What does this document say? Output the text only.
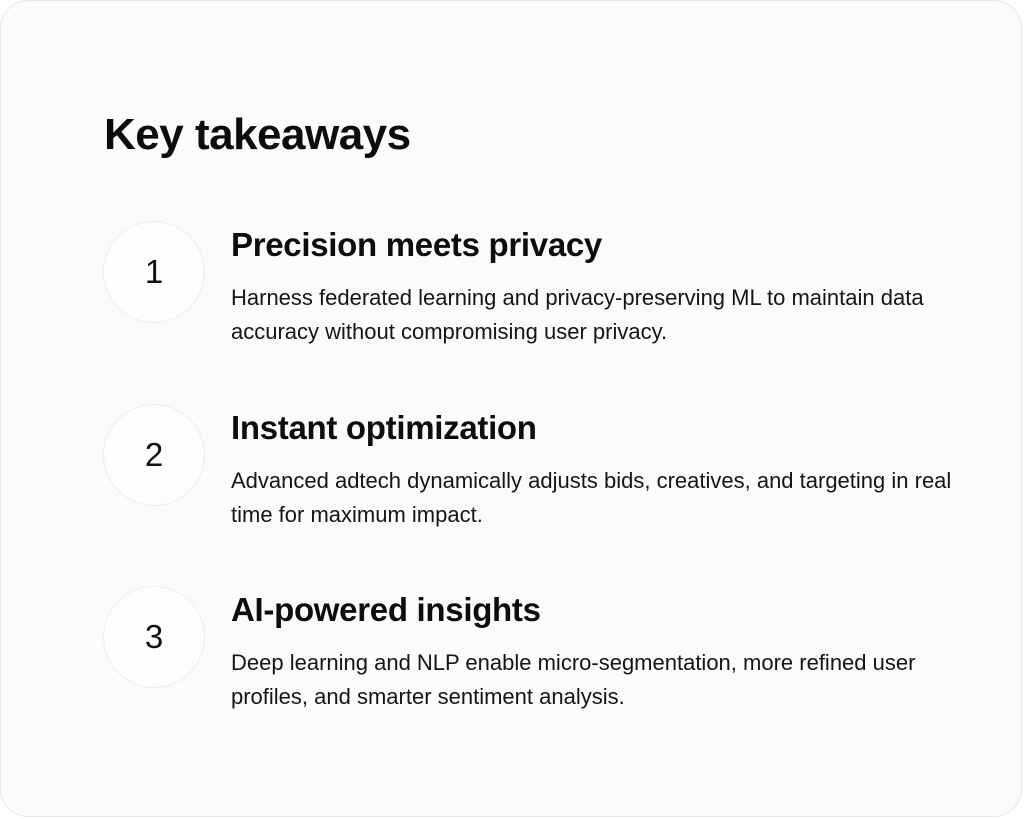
Key takeaways
1
Precision meets privacy

Harness federated learning and privacy-preserving ML to maintain data accuracy without compromising user privacy.

2
Instant optimization

Advanced adtech dynamically adjusts bids, creatives, and targeting in real time for maximum impact.

3
AI-powered insights

Deep learning and NLP enable micro-segmentation, more refined user profiles, and smarter sentiment analysis.
